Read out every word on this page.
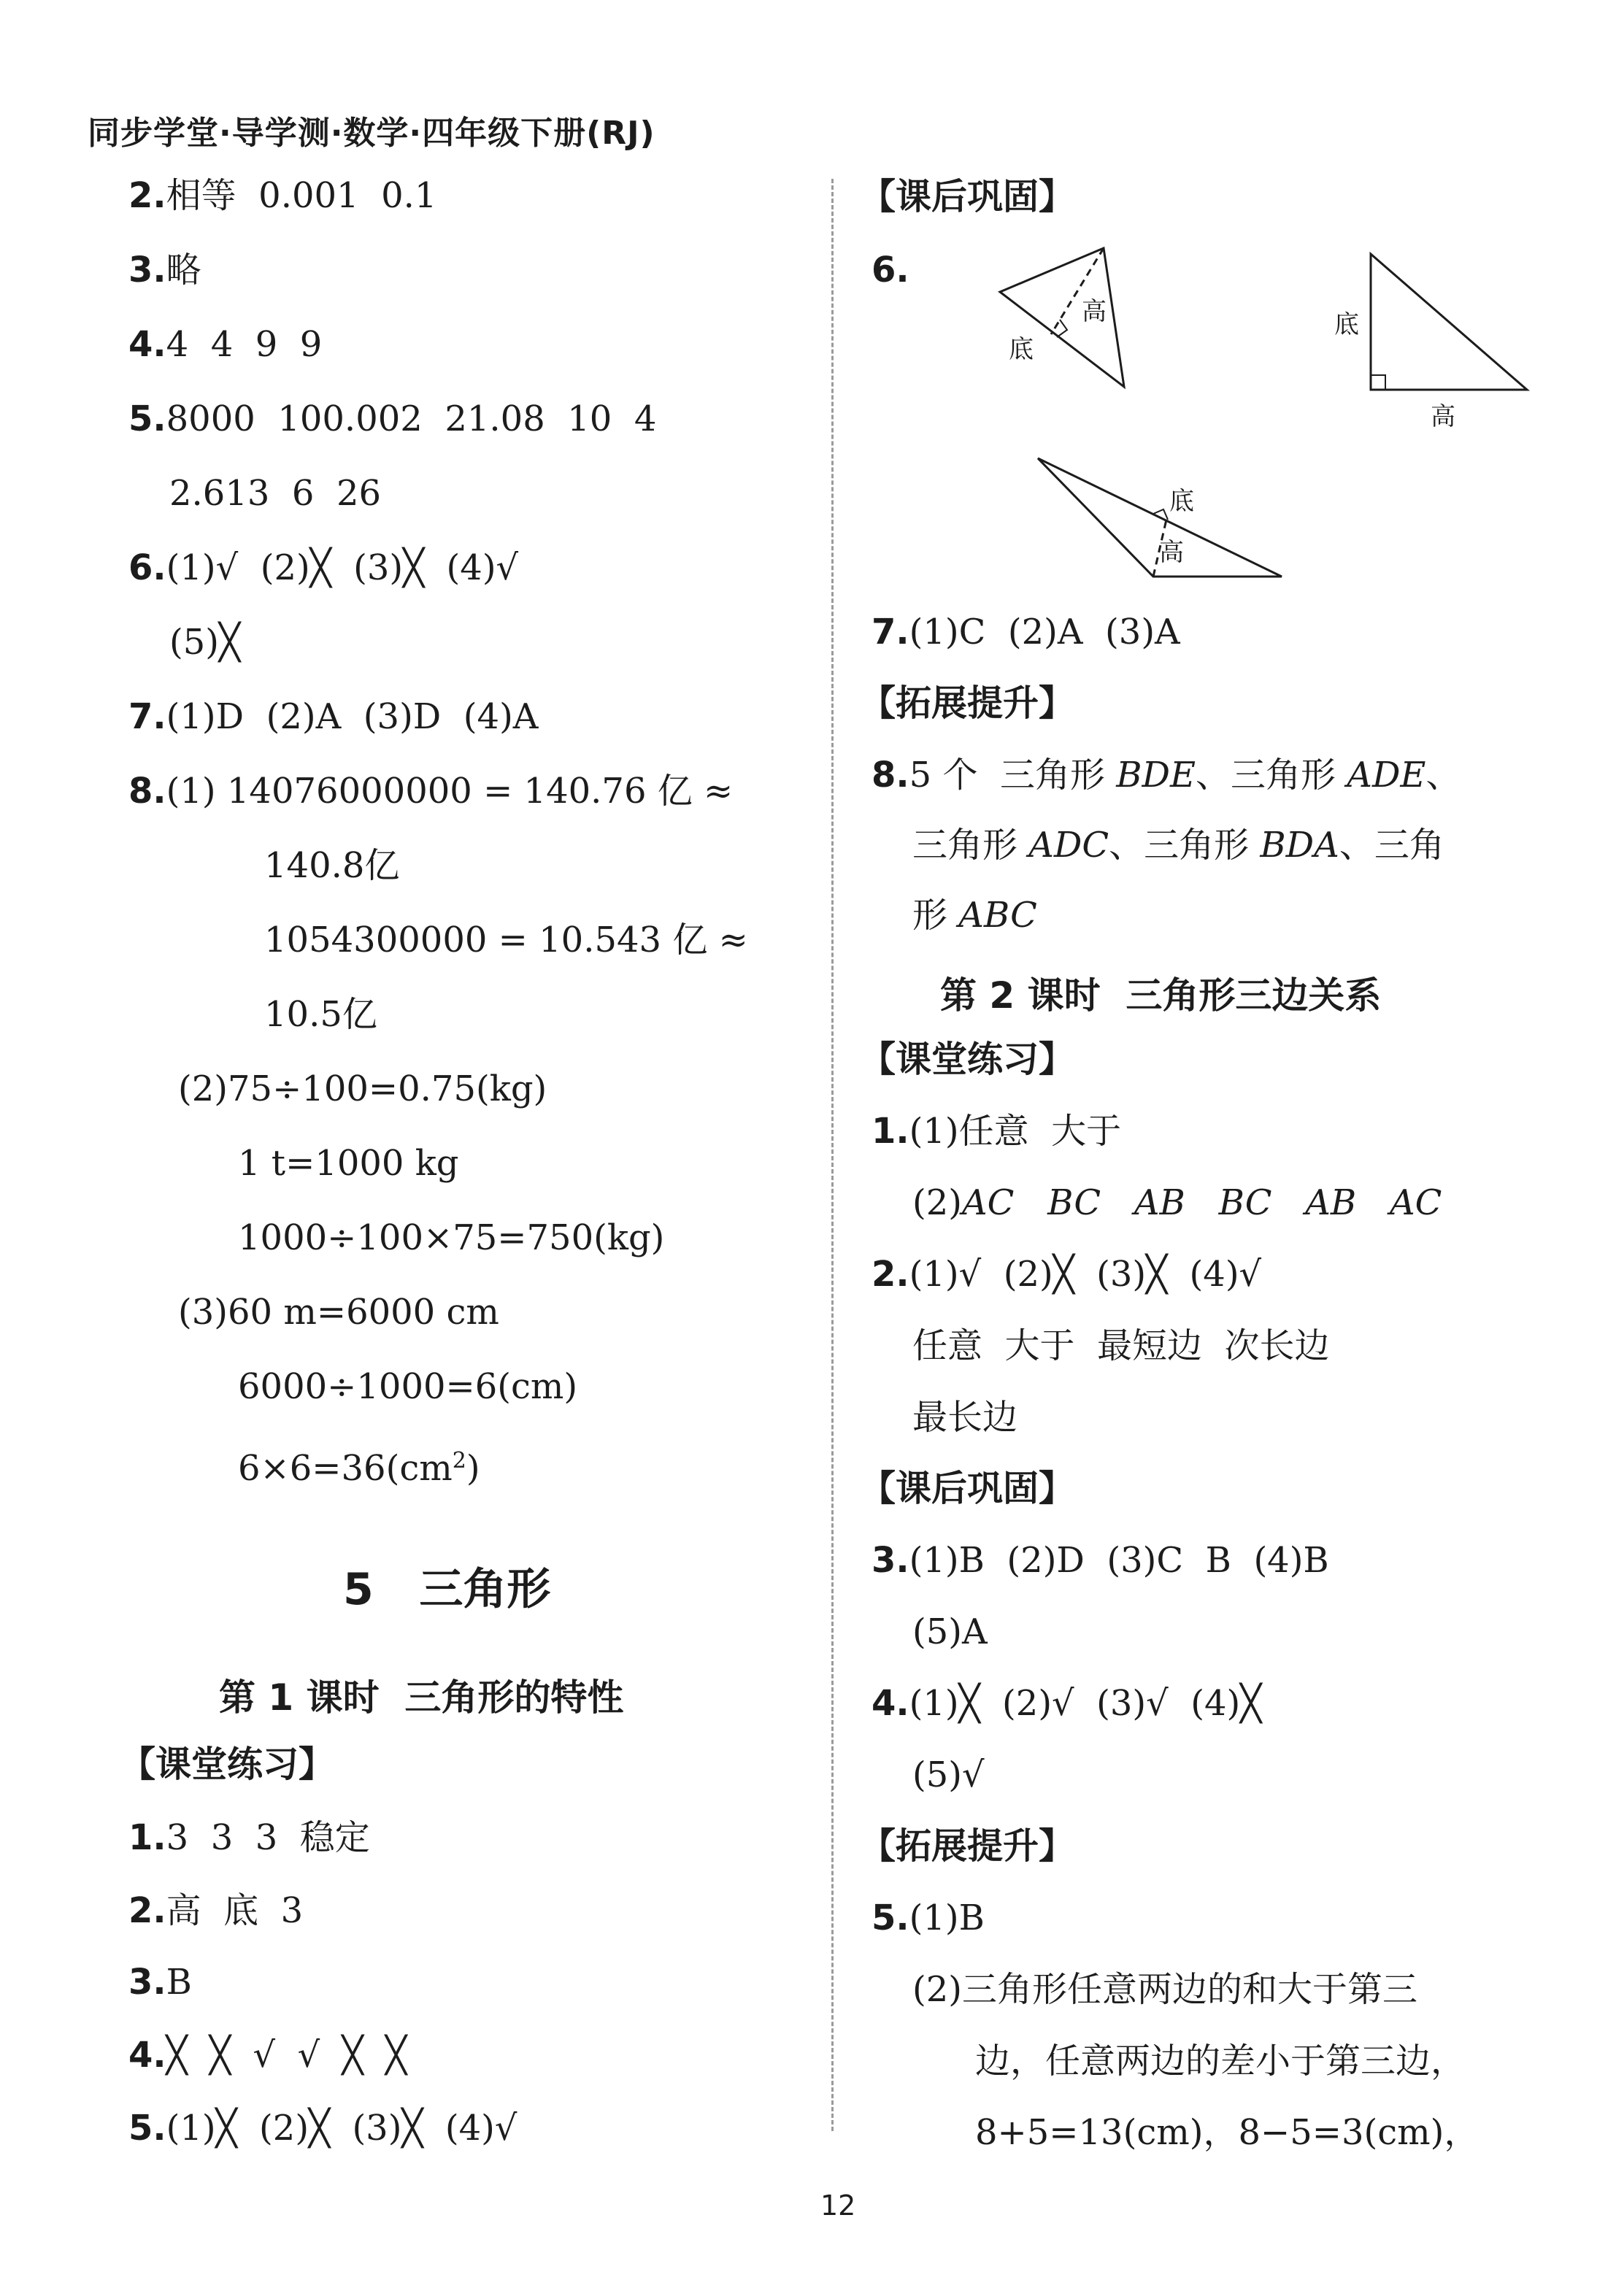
同步学堂·导学测·数学·四年级下册(RJ)
2.相等  0.001  0.1
3.略
4.4  4  9  9
5.8000  100.002  21.08  10  4
2.613  6  26
6.(1)√  (2)╳  (3)╳  (4)√
(5)╳
7.(1)D  (2)A  (3)D  (4)A
8.(1) 14076000000 = 140.76 亿 ≈
140.8亿
1054300000 = 10.543 亿 ≈
10.5亿
(2)75÷100=0.75(kg)
1 t=1000 kg
1000÷100×75=750(kg)
(3)60 m=6000 cm
6000÷1000=6(cm)
$6\times 6=36(cm^2)$
5 三角形
第 1 课时  三角形的特性
【课堂练习】
1.3  3  3  稳定
2.高  底  3
3.B
4.╳  ╳  √  √  ╳  ╳
5.(1)╳  (2)╳  (3)╳  (4)√
【课后巩固】
6.
高
底
底
高
底
高
7.(1)C  (2)A  (3)A
【拓展提升】
8.5 个  三角形 BDE、三角形 ADE、
三角形 ADC、三角形 BDA、三角
形 ABC
第 2 课时  三角形三边关系
【课堂练习】
1.(1)任意  大于
(2)AC BC AB BC AB AC
2.(1)√  (2)╳  (3)╳  (4)√
任意  大于  最短边  次长边
最长边
【课后巩固】
3.(1)B  (2)D  (3)C  B  (4)B
(5)A
4.(1)╳  (2)√  (3)√  (4)╳
(5)√
【拓展提升】
5.(1)B
(2)三角形任意两边的和大于第三
边，任意两边的差小于第三边，
8+5=13(cm)，8−5=3(cm)，
12
